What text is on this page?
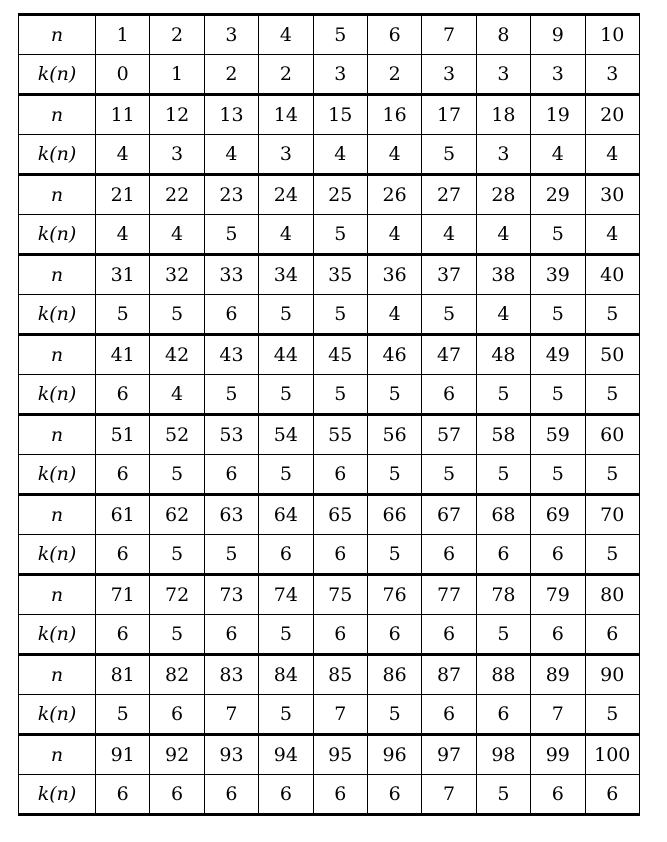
n	1	2	3	4	5	6	7	8	9	10
k(n)	0	1	2	2	3	2	3	3	3	3
n	11	12	13	14	15	16	17	18	19	20
k(n)	4	3	4	3	4	4	5	3	4	4
n	21	22	23	24	25	26	27	28	29	30
k(n)	4	4	5	4	5	4	4	4	5	4
n	31	32	33	34	35	36	37	38	39	40
k(n)	5	5	6	5	5	4	5	4	5	5
n	41	42	43	44	45	46	47	48	49	50
k(n)	6	4	5	5	5	5	6	5	5	5
n	51	52	53	54	55	56	57	58	59	60
k(n)	6	5	6	5	6	5	5	5	5	5
n	61	62	63	64	65	66	67	68	69	70
k(n)	6	5	5	6	6	5	6	6	6	5
n	71	72	73	74	75	76	77	78	79	80
k(n)	6	5	6	5	6	6	6	5	6	6
n	81	82	83	84	85	86	87	88	89	90
k(n)	5	6	7	5	7	5	6	6	7	5
n	91	92	93	94	95	96	97	98	99	100
k(n)	6	6	6	6	6	6	7	5	6	6
